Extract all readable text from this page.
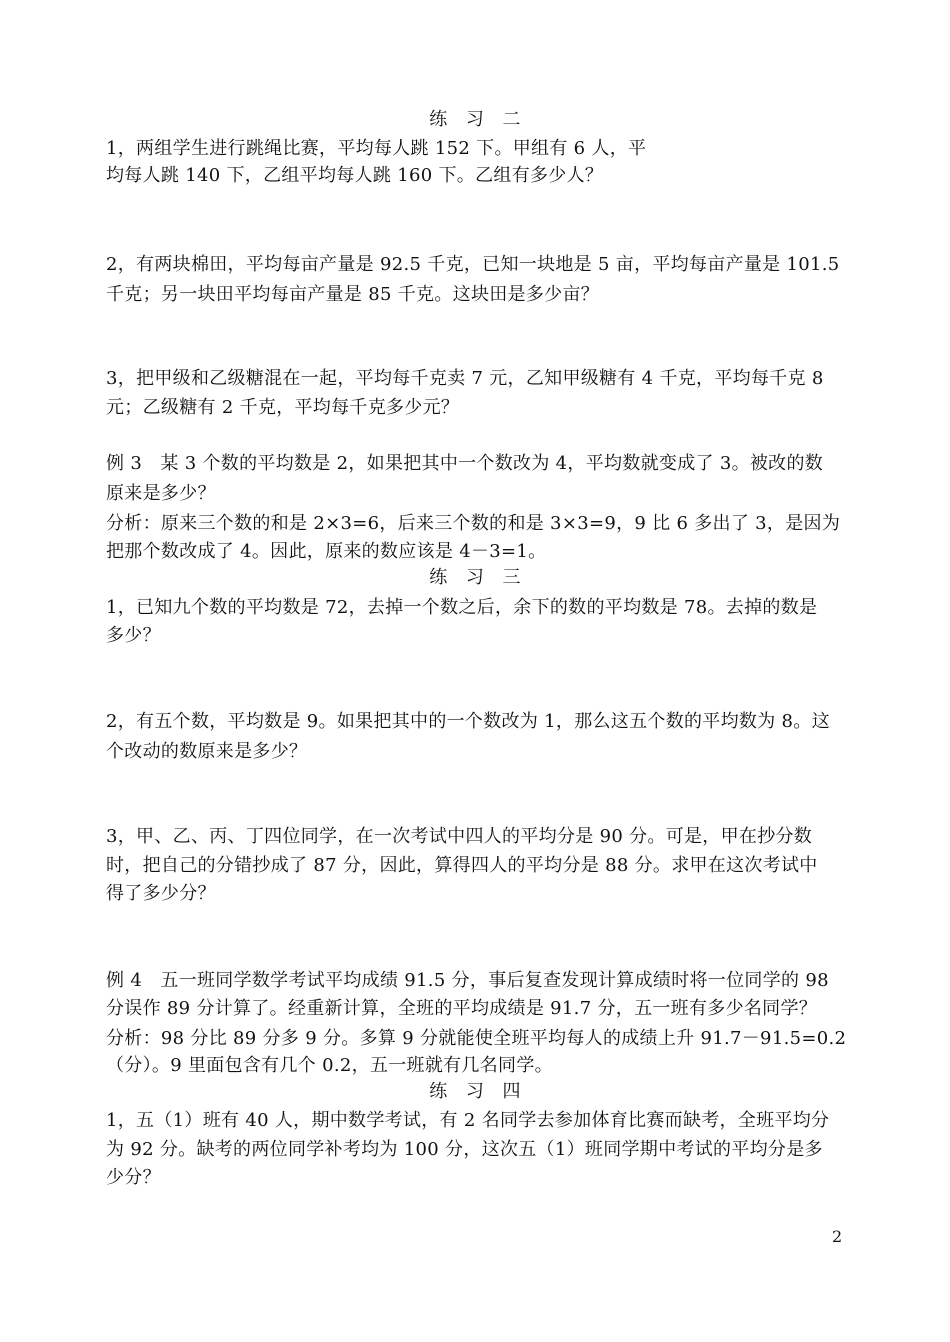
练　习　二
1，两组学生进行跳绳比赛，平均每人跳 152 下。甲组有 6 人，平
均每人跳 140 下，乙组平均每人跳 160 下。乙组有多少人？
2，有两块棉田，平均每亩产量是 92.5 千克，已知一块地是 5 亩，平均每亩产量是 101.5
千克；另一块田平均每亩产量是 85 千克。这块田是多少亩？
3，把甲级和乙级糖混在一起，平均每千克卖 7 元，乙知甲级糖有 4 千克，平均每千克 8
元；乙级糖有 2 千克，平均每千克多少元？
例 3　某 3 个数的平均数是 2，如果把其中一个数改为 4，平均数就变成了 3。被改的数
原来是多少？
分析：原来三个数的和是 2×3=6，后来三个数的和是 3×3=9，9 比 6 多出了 3，是因为
把那个数改成了 4。因此，原来的数应该是 4－3=1。
练　习　三
1，已知九个数的平均数是 72，去掉一个数之后，余下的数的平均数是 78。去掉的数是
多少？
2，有五个数，平均数是 9。如果把其中的一个数改为 1，那么这五个数的平均数为 8。这
个改动的数原来是多少？
3，甲、乙、丙、丁四位同学，在一次考试中四人的平均分是 90 分。可是，甲在抄分数
时，把自己的分错抄成了 87 分，因此，算得四人的平均分是 88 分。求甲在这次考试中
得了多少分？
例 4　五一班同学数学考试平均成绩 91.5 分，事后复查发现计算成绩时将一位同学的 98
分误作 89 分计算了。经重新计算，全班的平均成绩是 91.7 分，五一班有多少名同学？
分析：98 分比 89 分多 9 分。多算 9 分就能使全班平均每人的成绩上升 91.7－91.5=0.2
（分）。9 里面包含有几个 0.2，五一班就有几名同学。
练　习　四
1，五（1）班有 40 人，期中数学考试，有 2 名同学去参加体育比赛而缺考，全班平均分
为 92 分。缺考的两位同学补考均为 100 分，这次五（1）班同学期中考试的平均分是多
少分？
2
